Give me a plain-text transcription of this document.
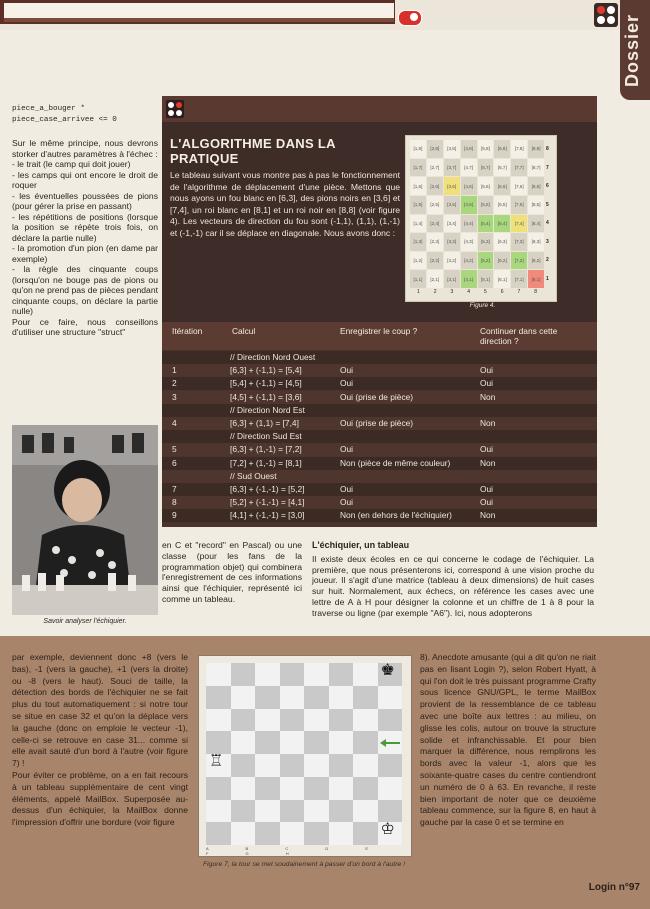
Dossier
piece_a_bouger * piece_case_arrivee <= 0
Sur le même principe, nous devrons storker d'autres paramètres à l'échec :
- le trait (le camp qui doit jouer)
- les camps qui ont encore le droit de roquer
- les éventuelles poussées de pions (pour gérer la prise en passant)
- les répétitions de positions (lorsque la position se répète trois fois, on déclare la partie nulle)
- la promotion d'un pion (en dame par exemple)
- la règle des cinquante coups (lorsqu'on ne bouge pas de pions ou qu'on ne prend pas de pièces pendant cinquante coups, on déclare la partie nulle)
Pour ce faire, nous conseillons d'utiliser une structure "struct"
Savoir analyser l'échiquier.
L'ALGORITHME DANS LA PRATIQUE
Le tableau suivant vous montre pas à pas le fonctionnement de l'algorithme de déplacement d'une pièce. Mettons que nous ayons un fou blanc en [6,3], des pions noirs en [3,6] et [7,4], un roi blanc en [8,1] et un roi noir en [8,8] (voir figure 4). Les vecteurs de direction du fou sont (-1,1), (1,1), (1,-1) et (-1,-1) car il se déplace en diagonale. Nous avons donc :
[1,8]	[2,8]	[3,8]	[4,8]	[5,8]	[6,8]	[7,8]	[8,8]
[1,7]	[2,7]	[3,7]	[4,7]	[5,7]	[6,7]	[7,7]	[8,7]
[1,6]	[2,6]	[3,6]	[4,6]	[5,6]	[6,6]	[7,6]	[8,6]
[1,5]	[2,5]	[3,5]	[4,5]	[5,5]	[6,5]	[7,5]	[8,5]
[1,4]	[2,4]	[3,4]	[4,4]	[5,4]	[6,4]	[7,4]	[8,4]
[1,3]	[2,3]	[3,3]	[4,3]	[5,3]	[6,3]	[7,3]	[8,3]
[1,2]	[2,2]	[3,2]	[4,2]	[5,2]	[6,2]	[7,2]	[8,2]
[1,1]	[2,1]	[3,1]	[4,1]	[5,1]	[6,1]	[7,1]	[8,1]
8
7
6
5
4
3
2
1
1	2	3	4	5	6	7	8
Figure 4.
Itération	Calcul	Enregistrer le coup ?	Continuer dans cette direction ?
// Direction Nord Ouest
1	[6,3] + (-1,1) = [5,4]	Oui	Oui
2	[5,4] + (-1,1) = [4,5]	Oui	Oui
3	[4,5] + (-1,1) = [3,6]	Oui (prise de pièce)	Non
// Direction Nord Est
4	[6,3] + (1,1) = [7,4]	Oui (prise de pièce)	Non
// Direction Sud Est
5	[6,3] + (1,-1) = [7,2]	Oui	Oui
6	[7,2] + (1,-1) = [8,1]	Non (pièce de même couleur)	Non
// Sud Ouest
7	[6,3] + (-1,-1) = [5,2]	Oui	Oui
8	[5,2] + (-1,-1) = [4,1]	Oui	Oui
9	[4,1] + (-1,-1) = [3,0]	Non (en dehors de l'échiquier)	Non
en C et "record" en Pascal) ou une classe (pour les fans de la programmation objet) qui combinera l'enregistrement de ces informations ainsi que l'échiquier, représenté ici comme un tableau.
L'échiquier, un tableau
Il existe deux écoles en ce qui concerne le codage de l'échiquier. La première, que nous présenterons ici, correspond à une vision proche du joueur. Il s'agit d'une matrice (tableau à deux dimensions) de huit cases sur huit. Normalement, aux échecs, on référence les cases avec une lettre de A à H pour désigner la colonne et un chiffre de 1 à 8 pour la traverse ou ligne (par exemple "A6"). Ici, nous adopterons
par exemple, deviennent donc +8 (vers le bas), -1 (vers la gauche), +1 (vers la droite) ou -8 (vers le haut). Souci de taille, la détection des bords de l'échiquier ne se fait plus du tout automatiquement : si notre tour se situe en case 32 et qu'on la déplace vers la gauche (donc on emploie le vecteur -1), celle-ci se retrouve en case 31... comme si elle avait sauté d'un bord à l'autre (voir figure 7) !
Pour éviter ce problème, on a en fait recours à un tableau supplémentaire de cent vingt éléments, appelé MailBox. Superposée au-dessus d'un échiquier, la MailBox donne l'impression d'offrir une bordure (voir figure
♚
♖
♔
A B C D E F G H
Figure 7, la tour se met soudainement à passer d'un bord à l'autre !
8). Anecdote amusante (qui a dit qu'on ne riait pas en lisant Login ?), selon Robert Hyatt, à qui l'on doit le très puissant programme Crafty sous licence GNU/GPL, le terme MailBox provient de la ressemblance de ce tableau avec une boîte aux lettres : au milieu, on glisse les colis, autour on trouve la structure solide et infranchissable. Et pour bien marquer la différence, nous remplirons les bords avec la valeur -1, alors que les soixante-quatre cases du centre contiendront un numéro de 0 à 63. En revanche, il reste bien important de noter que ce deuxième tableau commence, sur la figure 8, en haut à gauche par la case 0 et se termine en
Login n°97
